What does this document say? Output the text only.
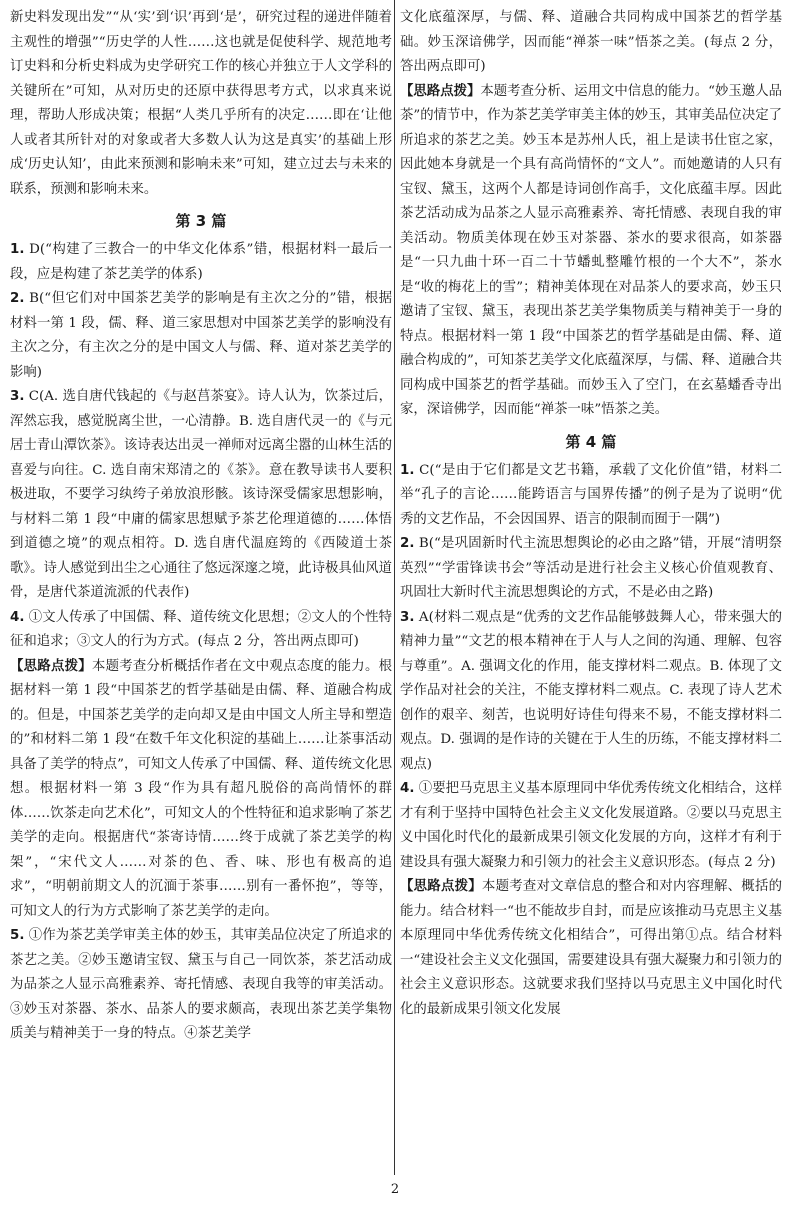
新史料发现出发”“从‘实’到‘识’再到‘是’，研究过程的递进伴随着主观性的增强”“历史学的人性……这也就是促使科学、规范地考订史料和分析史料成为史学研究工作的核心并独立于人文学科的关键所在”可知，从对历史的还原中获得思考方式，以求真来说理，帮助人形成决策；根据“人类几乎所有的决定……即在‘让他人或者其所针对的对象或者大多数人认为这是真实’的基础上形成‘历史认知’，由此来预测和影响未来”可知，建立过去与未来的联系，预测和影响未来。

第 3 篇

1. D(“构建了三教合一的中华文化体系”错，根据材料一最后一段，应是构建了茶艺美学的体系)

2. B(“但它们对中国茶艺美学的影响是有主次之分的”错，根据材料一第 1 段，儒、释、道三家思想对中国茶艺美学的影响没有主次之分，有主次之分的是中国文人与儒、释、道对茶艺美学的影响)

3. C(A. 选自唐代钱起的《与赵莒茶宴》。诗人认为，饮茶过后，浑然忘我，感觉脱离尘世，一心清静。B. 选自唐代灵一的《与元居士青山潭饮茶》。该诗表达出灵一禅师对远离尘嚣的山林生活的喜爱与向往。C. 选自南宋郑清之的《茶》。意在教导读书人要积极进取，不要学习纨绔子弟放浪形骸。该诗深受儒家思想影响，与材料二第 1 段“中庸的儒家思想赋予茶艺伦理道德的……体悟到道德之境”的观点相符。D. 选自唐代温庭筠的《西陵道士茶歌》。诗人感觉到出尘之心通往了悠远深邃之境，此诗极具仙风道骨，是唐代茶道流派的代表作)

4. ①文人传承了中国儒、释、道传统文化思想；②文人的个性特征和追求；③文人的行为方式。(每点 2 分，答出两点即可)

【思路点拨】本题考查分析概括作者在文中观点态度的能力。根据材料一第 1 段“中国茶艺的哲学基础是由儒、释、道融合构成的。但是，中国茶艺美学的走向却又是由中国文人所主导和塑造的”和材料二第 1 段“在数千年文化积淀的基础上……让茶事活动具备了美学的特点”，可知文人传承了中国儒、释、道传统文化思想。根据材料一第 3 段“作为具有超凡脱俗的高尚情怀的群体……饮茶走向艺术化”，可知文人的个性特征和追求影响了茶艺美学的走向。根据唐代“茶寄诗情……终于成就了茶艺美学的构架”，“宋代文人……对茶的色、香、味、形也有极高的追求”，“明朝前期文人的沉湎于茶事……别有一番怀抱”，等等，可知文人的行为方式影响了茶艺美学的走向。

5. ①作为茶艺美学审美主体的妙玉，其审美品位决定了所追求的茶艺之美。②妙玉邀请宝钗、黛玉与自己一同饮茶，茶艺活动成为品茶之人显示高雅素养、寄托情感、表现自我等的审美活动。③妙玉对茶器、茶水、品茶人的要求颇高，表现出茶艺美学集物质美与精神美于一身的特点。④茶艺美学

文化底蕴深厚，与儒、释、道融合共同构成中国茶艺的哲学基础。妙玉深谙佛学，因而能“禅茶一味”悟茶之美。(每点 2 分，答出两点即可)

【思路点拨】本题考查分析、运用文中信息的能力。“妙玉邀人品茶”的情节中，作为茶艺美学审美主体的妙玉，其审美品位决定了所追求的茶艺之美。妙玉本是苏州人氏，祖上是读书仕宦之家，因此她本身就是一个具有高尚情怀的“文人”。而她邀请的人只有宝钗、黛玉，这两个人都是诗词创作高手，文化底蕴丰厚。因此茶艺活动成为品茶之人显示高雅素养、寄托情感、表现自我的审美活动。物质美体现在妙玉对茶器、茶水的要求很高，如茶器是“一只九曲十环一百二十节蟠虬整雕竹根的一个大𣎴”，茶水是“收的梅花上的雪”；精神美体现在对品茶人的要求高，妙玉只邀请了宝钗、黛玉，表现出茶艺美学集物质美与精神美于一身的特点。根据材料一第 1 段“中国茶艺的哲学基础是由儒、释、道融合构成的”，可知茶艺美学文化底蕴深厚，与儒、释、道融合共同构成中国茶艺的哲学基础。而妙玉入了空门，在玄墓蟠香寺出家，深谙佛学，因而能“禅茶一味”悟茶之美。

第 4 篇

1. C(“是由于它们都是文艺书籍，承载了文化价值”错，材料二举“孔子的言论……能跨语言与国界传播”的例子是为了说明“优秀的文艺作品，不会因国界、语言的限制而囿于一隅”)

2. B(“是巩固新时代主流思想舆论的必由之路”错，开展“清明祭英烈”“学雷锋读书会”等活动是进行社会主义核心价值观教育、巩固壮大新时代主流思想舆论的方式，不是必由之路)

3. A(材料二观点是“优秀的文艺作品能够鼓舞人心，带来强大的精神力量”“文艺的根本精神在于人与人之间的沟通、理解、包容与尊重”。A. 强调文化的作用，能支撑材料二观点。B. 体现了文学作品对社会的关注，不能支撑材料二观点。C. 表现了诗人艺术创作的艰辛、刻苦，也说明好诗佳句得来不易，不能支撑材料二观点。D. 强调的是作诗的关键在于人生的历练，不能支撑材料二观点)

4. ①要把马克思主义基本原理同中华优秀传统文化相结合，这样才有利于坚持中国特色社会主义文化发展道路。②要以马克思主义中国化时代化的最新成果引领文化发展的方向，这样才有利于建设具有强大凝聚力和引领力的社会主义意识形态。(每点 2 分)

【思路点拨】本题考查对文章信息的整合和对内容理解、概括的能力。结合材料一“也不能故步自封，而是应该推动马克思主义基本原理同中华优秀传统文化相结合”，可得出第①点。结合材料一“建设社会主义文化强国，需要建设具有强大凝聚力和引领力的社会主义意识形态。这就要求我们坚持以马克思主义中国化时代化的最新成果引领文化发展

2
